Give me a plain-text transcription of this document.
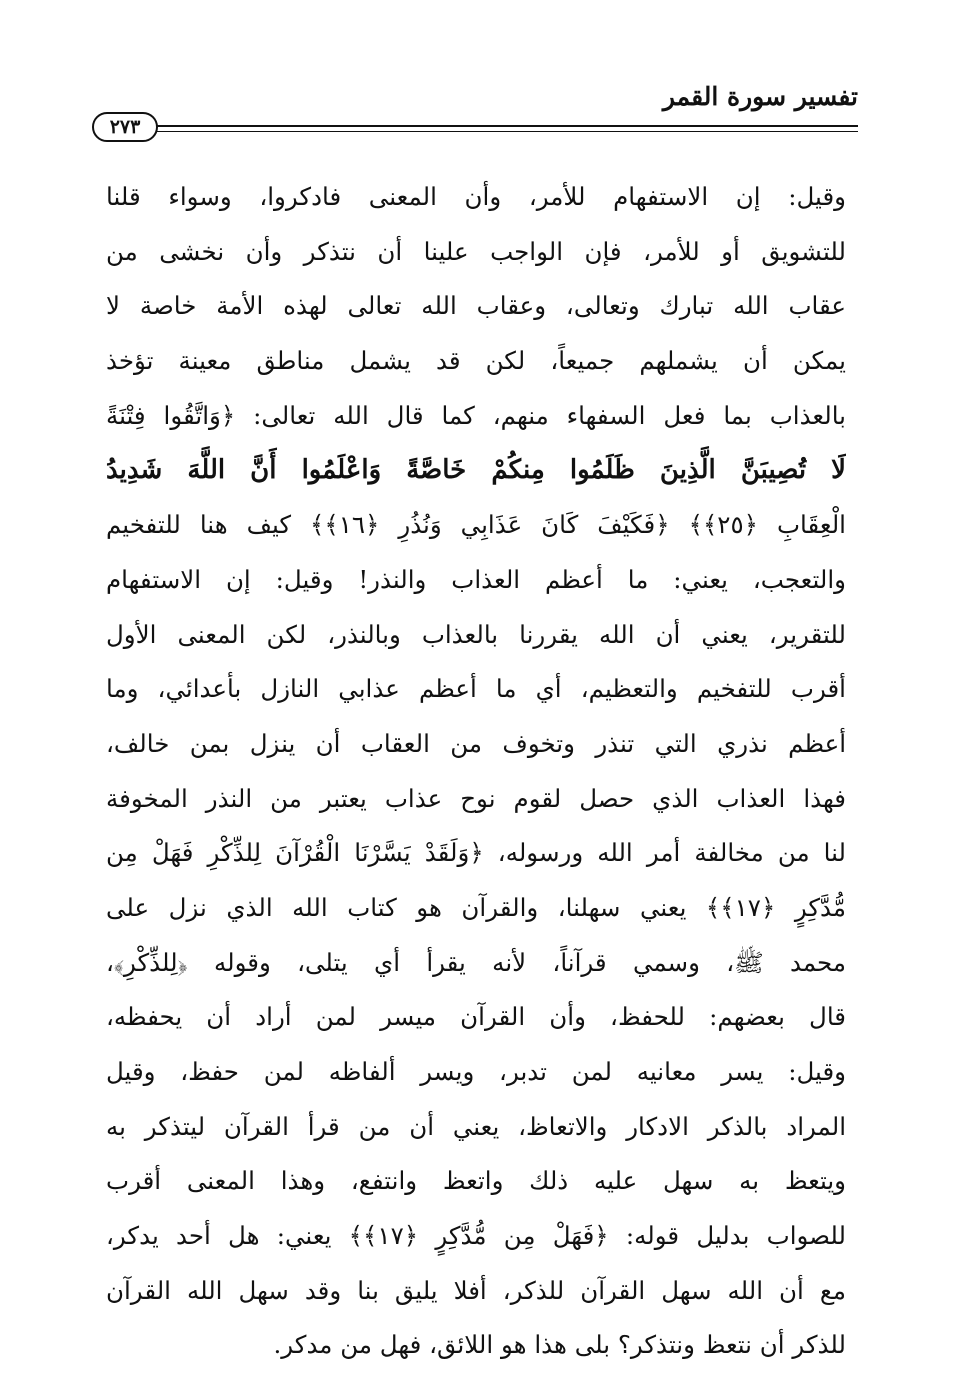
تفسير سورة القمر
٢٧٣
وقيل: إن الاستفهام للأمر، وأن المعنى فادكروا، وسواء قلنا
للتشويق أو للأمر، فإن الواجب علينا أن نتذكر وأن نخشى من
عقاب الله تبارك وتعالى، وعقاب الله تعالى لهذه الأمة خاصة لا
يمكن أن يشملهم جميعاً، لكن قد يشمل مناطق معينة تؤخذ
بالعذاب بما فعل السفهاء منهم، كما قال الله تعالى: ﴿وَاتَّقُوا فِتْنَةً
لَا تُصِيبَنَّ الَّذِينَ ظَلَمُوا مِنكُمْ خَاصَّةً وَاعْلَمُوا أَنَّ اللَّهَ شَدِيدُ
الْعِقَابِ ﴿٢٥﴾﴾ ﴿فَكَيْفَ كَانَ عَذَابِي وَنُذُرِ ﴿١٦﴾﴾ كيف هنا للتفخيم
والتعجب، يعني: ما أعظم العذاب والنذر! وقيل: إن الاستفهام
للتقرير، يعني أن الله يقررنا بالعذاب وبالنذر، لكن المعنى الأول
أقرب للتفخيم والتعظيم، أي ما أعظم عذابي النازل بأعدائي، وما
أعظم نذري التي تنذر وتخوف من العقاب أن ينزل بمن خالف،
فهذا العذاب الذي حصل لقوم نوح عذاب يعتبر من النذر المخوفة
لنا من مخالفة أمر الله ورسوله، ﴿وَلَقَدْ يَسَّرْنَا الْقُرْآنَ لِلذِّكْرِ فَهَلْ مِن
مُّدَّكِرٍ ﴿١٧﴾﴾ يعني سهلنا، والقرآن هو كتاب الله الذي نزل على
محمد ﷺ، وسمي قرآناً، لأنه يقرأ أي يتلى، وقوله ﴿لِلذِّكْرِ﴾،
قال بعضهم: للحفظ، وأن القرآن ميسر لمن أراد أن يحفظه،
وقيل: يسر معانيه لمن تدبر، ويسر ألفاظه لمن حفظ، وقيل
المراد بالذكر الادكار والاتعاظ، يعني أن من قرأ القرآن ليتذكر به
ويتعظ به سهل عليه ذلك واتعظ وانتفع، وهذا المعنى أقرب
للصواب بدليل قوله: ﴿فَهَلْ مِن مُّدَّكِرٍ ﴿١٧﴾﴾ يعني: هل أحد يدكر،
مع أن الله سهل القرآن للذكر، أفلا يليق بنا وقد سهل الله القرآن
للذكر أن نتعظ ونتذكر؟ بلى هذا هو اللائق، فهل من مدكر.
